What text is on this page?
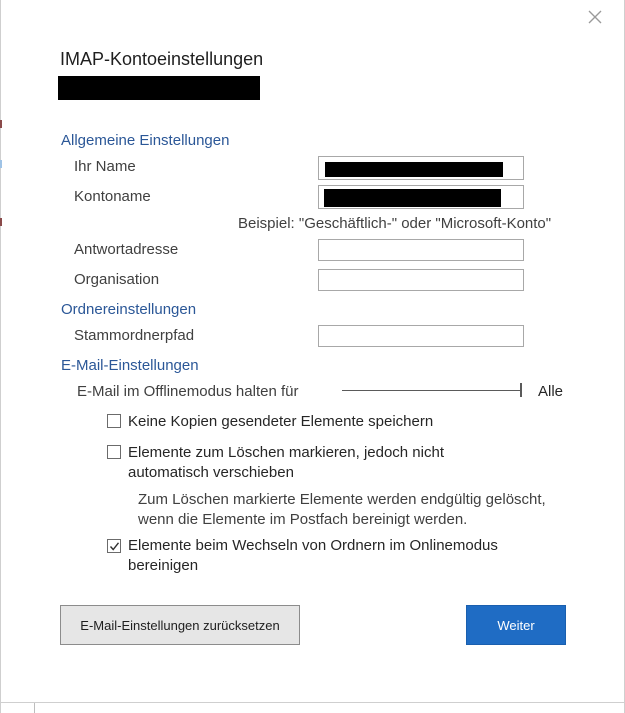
IMAP-Kontoeinstellungen
Allgemeine Einstellungen
Ihr Name
Kontoname
Beispiel: "Geschäftlich-" oder "Microsoft-Konto"
Antwortadresse
Organisation
Ordnereinstellungen
Stammordnerpfad
E-Mail-Einstellungen
E-Mail im Offlinemodus halten für	Alle
Keine Kopien gesendeter Elemente speichern
Elemente zum Löschen markieren, jedoch nicht automatisch verschieben
Zum Löschen markierte Elemente werden endgültig gelöscht, wenn die Elemente im Postfach bereinigt werden.
Elemente beim Wechseln von Ordnern im Onlinemodus bereinigen
E-Mail-Einstellungen zurücksetzen	Weiter
